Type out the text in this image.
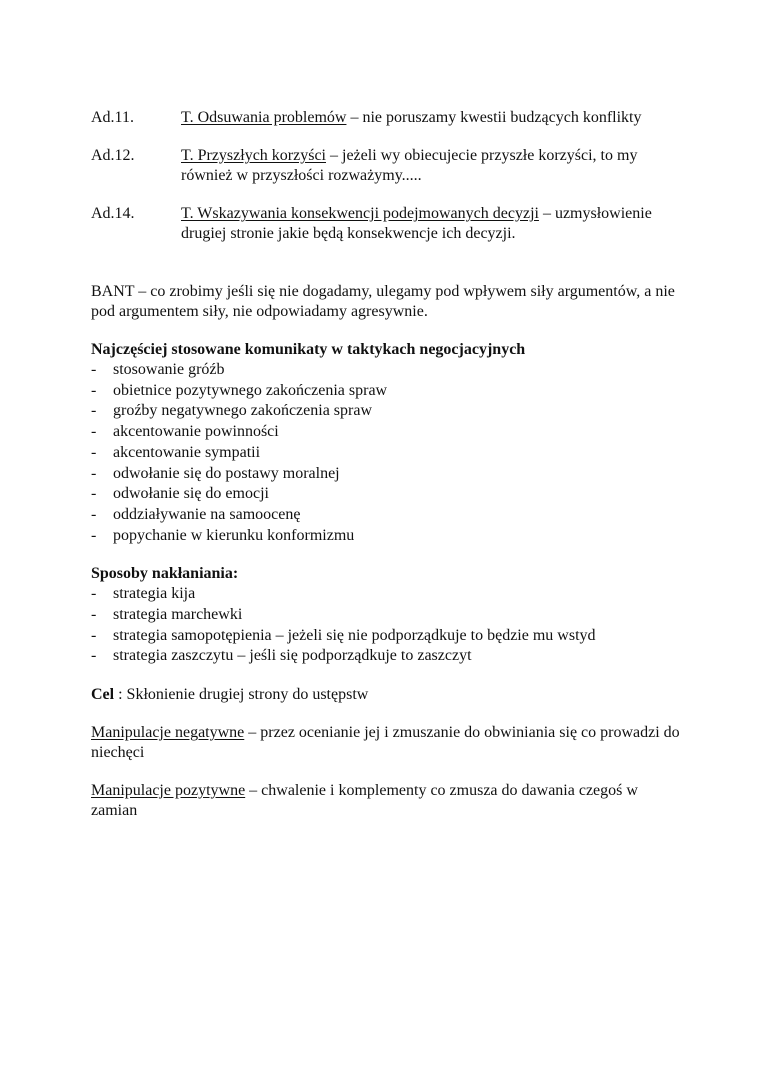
Ad.11.	T. Odsuwania problemów – nie poruszamy kwestii budzących konflikty
Ad.12.	T. Przyszłych korzyści – jeżeli wy obiecujecie przyszłe korzyści, to my również w przyszłości rozważymy.....
Ad.14.	T. Wskazywania konsekwencji podejmowanych decyzji – uzmysłowienie drugiej stronie jakie będą konsekwencje ich decyzji.
BANT – co zrobimy jeśli się nie dogadamy, ulegamy pod wpływem siły argumentów, a nie pod argumentem siły, nie odpowiadamy agresywnie.
Najczęściej stosowane komunikaty w taktykach negocjacyjnych
-	stosowanie gróźb
-	obietnice pozytywnego zakończenia spraw
-	groźby negatywnego zakończenia spraw
-	akcentowanie powinności
-	akcentowanie sympatii
-	odwołanie się do postawy moralnej
-	odwołanie się do emocji
-	oddziaływanie na samoocenę
-	popychanie w kierunku konformizmu
Sposoby nakłaniania:
-	strategia kija
-	strategia marchewki
-	strategia samopotępienia – jeżeli się nie podporządkuje to będzie mu wstyd
-	strategia zaszczytu – jeśli się podporządkuje to zaszczyt
Cel : Skłonienie drugiej strony do ustępstw
Manipulacje negatywne – przez ocenianie jej i zmuszanie do obwiniania się co prowadzi do niechęci
Manipulacje pozytywne – chwalenie i komplementy co zmusza do dawania czegoś w zamian
